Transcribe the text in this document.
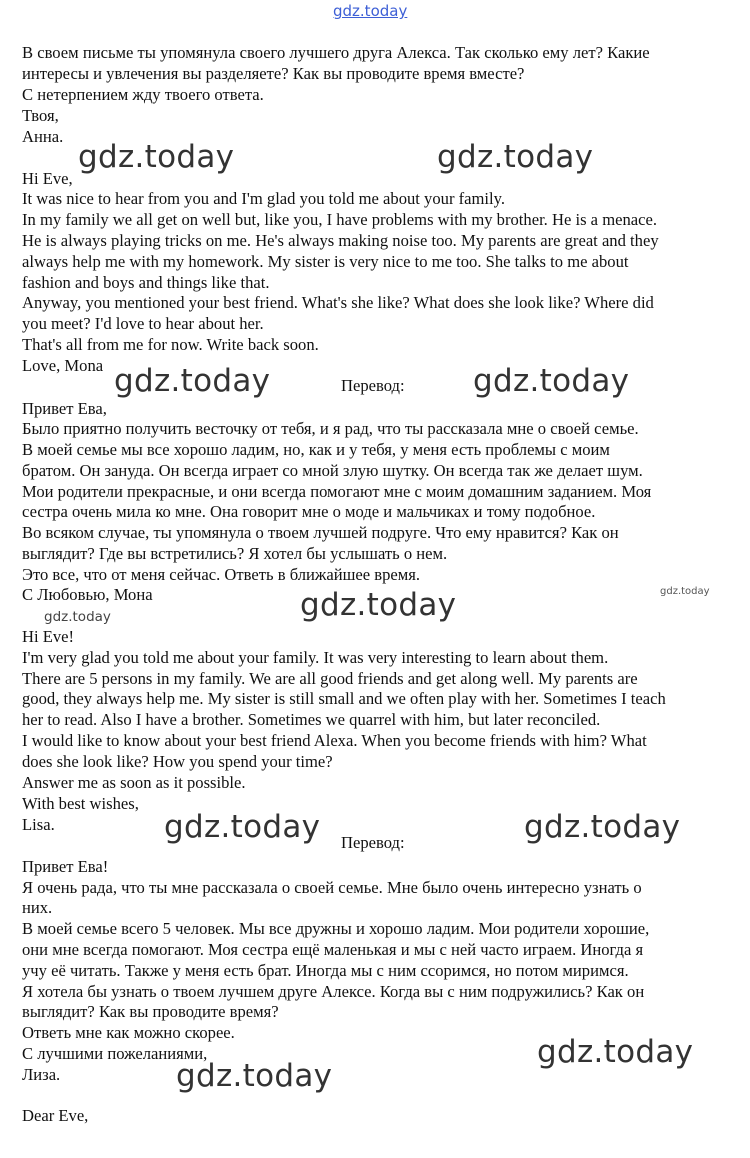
gdz.today

В своем письме ты упомянула своего лучшего друга Алекса. Так сколько ему лет? Какие

интересы и увлечения вы разделяете? Как вы проводите время вместе?

С нетерпением жду твоего ответа.

Твоя,

Анна.

gdz.today	gdz.today

Hi Eve,

It was nice to hear from you and I'm glad you told me about your family.

In my family we all get on well but, like you, I have problems with my brother. He is a menace.

He is always playing tricks on me. He's always making noise too. My parents are great and they

always help me with my homework. My sister is very nice to me too. She talks to me about

fashion and boys and things like that.

Anyway, you mentioned your best friend. What's she like? What does she look like? Where did

you meet? I'd love to hear about her.

That's all from me for now. Write back soon.

Love, Mona gdz.today	Перевод: gdz.today

Привет Ева,

Было приятно получить весточку от тебя, и я рад, что ты рассказала мне о своей семье.

В моей семье мы все хорошо ладим, но, как и у тебя, у меня есть проблемы с моим

братом. Он зануда. Он всегда играет со мной злую шутку. Он всегда так же делает шум.

Мои родители прекрасные, и они всегда помогают мне с моим домашним заданием. Моя

сестра очень мила ко мне. Она говорит мне о моде и мальчиках и тому подобное.

Во всяком случае, ты упомянула о твоем лучшей подруге. Что ему нравится? Как он

выглядит? Где вы встретились? Я хотел бы услышать о нем.

Это все, что от меня сейчас. Ответь в ближайшее время.

С Любовью, Мона	gdz.today	gdz.today

gdz.today

Hi Eve!

I'm very glad you told me about your family. It was very interesting to learn about them.

There are 5 persons in my family. We are all good friends and get along well. My parents are

good, they always help me. My sister is still small and we often play with her. Sometimes I teach

her to read. Also I have a brother. Sometimes we quarrel with him, but later reconciled.

I would like to know about your best friend Alexa. When you become friends with him? What

does she look like? How you spend your time?

Answer me as soon as it possible.

With best wishes,

Lisa.	gdz.today Перевод:	gdz.today

Привет Ева!

Я очень рада, что ты мне рассказала о своей семье. Мне было очень интересно узнать о

них.

В моей семье всего 5 человек. Мы все дружны и хорошо ладим. Мои родители хорошие,

они мне всегда помогают. Моя сестра ещё маленькая и мы с ней часто играем. Иногда я

учу её читать. Также у меня есть брат. Иногда мы с ним ссоримся, но потом миримся.

Я хотела бы узнать о твоем лучшем друге Алексе. Когда вы с ним подружились? Как он

выглядит? Как вы проводите время?

Ответь мне как можно скорее.

С лучшими пожеланиями,

Лиза.

gdz.today

gdz.today

Dear Eve,
